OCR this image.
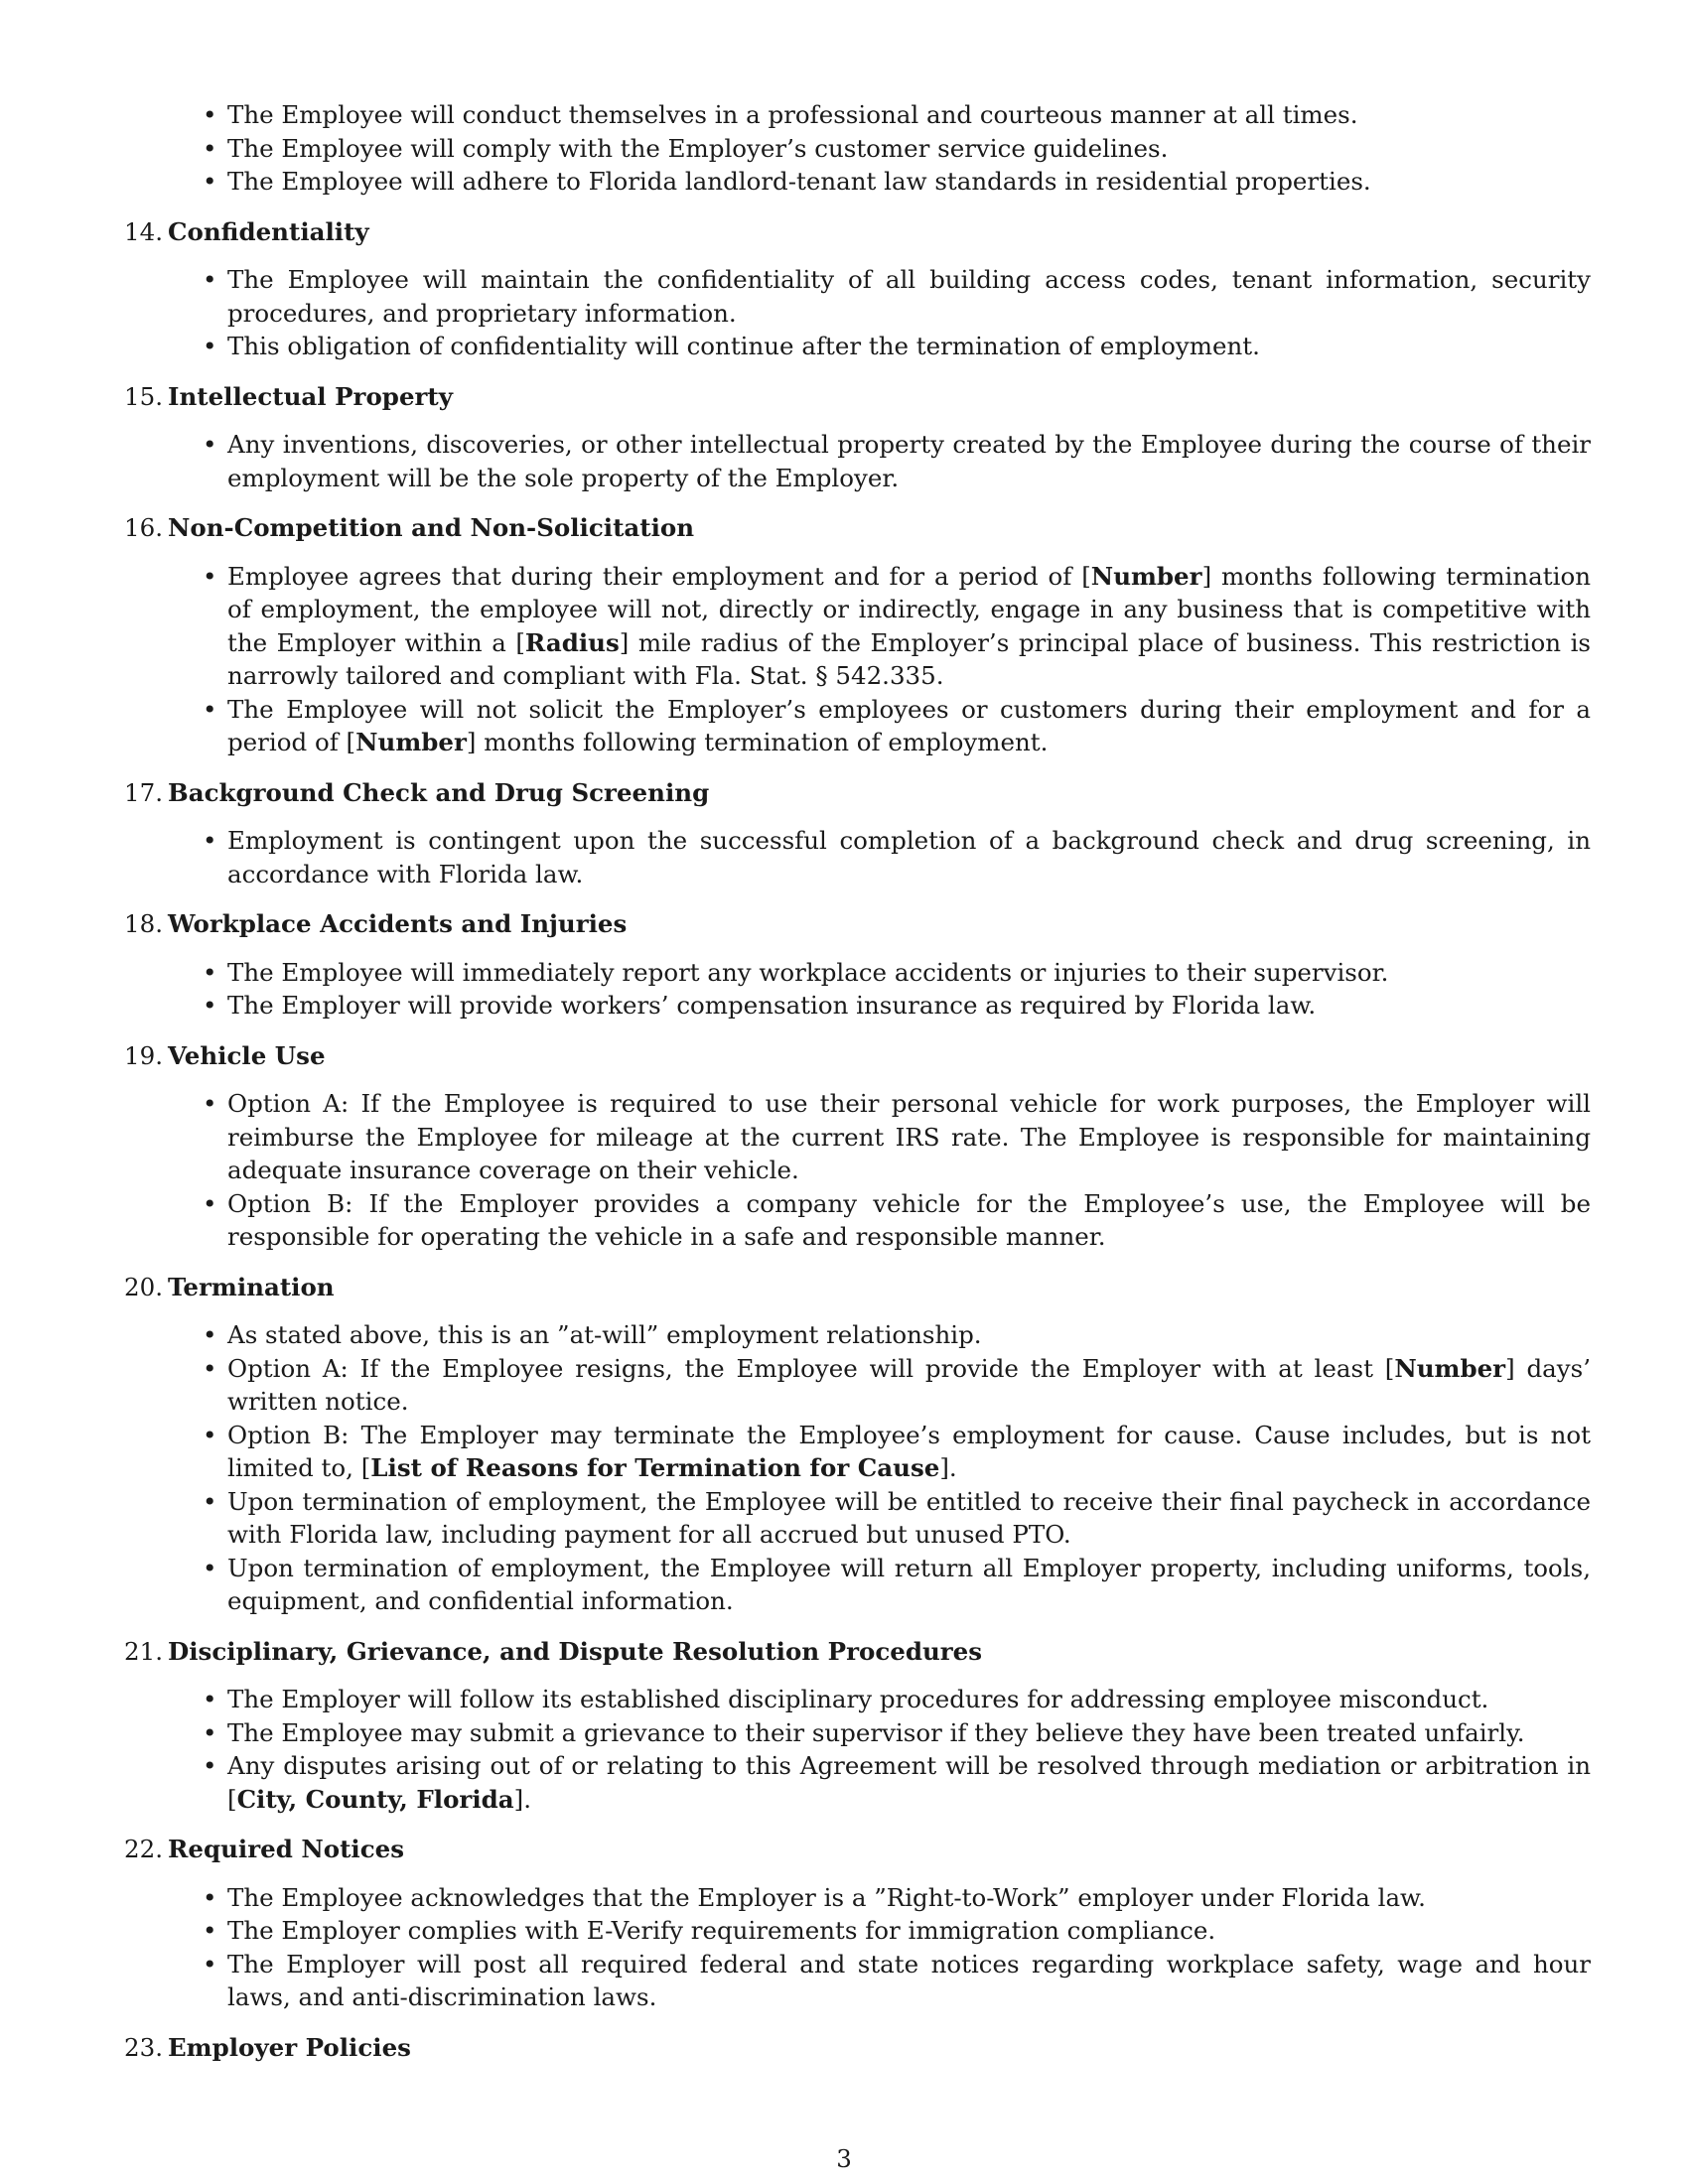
• The Employee will conduct themselves in a professional and courteous manner at all times.
• The Employee will comply with the Employer’s customer service guidelines.
• The Employee will adhere to Florida landlord-tenant law standards in residential properties.
14. Confidentiality
• The Employee will maintain the confidentiality of all building access codes, tenant information, security procedures, and proprietary information.
• This obligation of confidentiality will continue after the termination of employment.
15. Intellectual Property
• Any inventions, discoveries, or other intellectual property created by the Employee during the course of their employment will be the sole property of the Employer.
16. Non-Competition and Non-Solicitation
• Employee agrees that during their employment and for a period of [Number] months following termination of employment, the employee will not, directly or indirectly, engage in any business that is competitive with the Employer within a [Radius] mile radius of the Employer’s principal place of business. This restriction is narrowly tailored and compliant with Fla. Stat. § 542.335.
• The Employee will not solicit the Employer’s employees or customers during their employment and for a period of [Number] months following termination of employment.
17. Background Check and Drug Screening
• Employment is contingent upon the successful completion of a background check and drug screening, in accordance with Florida law.
18. Workplace Accidents and Injuries
• The Employee will immediately report any workplace accidents or injuries to their supervisor.
• The Employer will provide workers’ compensation insurance as required by Florida law.
19. Vehicle Use
• Option A: If the Employee is required to use their personal vehicle for work purposes, the Employer will reimburse the Employee for mileage at the current IRS rate. The Employee is responsible for maintaining adequate insurance coverage on their vehicle.
• Option B: If the Employer provides a company vehicle for the Employee’s use, the Employee will be responsible for operating the vehicle in a safe and responsible manner.
20. Termination
• As stated above, this is an ”at-will” employment relationship.
• Option A: If the Employee resigns, the Employee will provide the Employer with at least [Number] days’ written notice.
• Option B: The Employer may terminate the Employee’s employment for cause. Cause includes, but is not limited to, [List of Reasons for Termination for Cause].
• Upon termination of employment, the Employee will be entitled to receive their final paycheck in accordance with Florida law, including payment for all accrued but unused PTO.
• Upon termination of employment, the Employee will return all Employer property, including uniforms, tools, equipment, and confidential information.
21. Disciplinary, Grievance, and Dispute Resolution Procedures
• The Employer will follow its established disciplinary procedures for addressing employee misconduct.
• The Employee may submit a grievance to their supervisor if they believe they have been treated unfairly.
• Any disputes arising out of or relating to this Agreement will be resolved through mediation or arbitration in [City, County, Florida].
22. Required Notices
• The Employee acknowledges that the Employer is a ”Right-to-Work” employer under Florida law.
• The Employer complies with E-Verify requirements for immigration compliance.
• The Employer will post all required federal and state notices regarding workplace safety, wage and hour laws, and anti-discrimination laws.
23. Employer Policies
3
